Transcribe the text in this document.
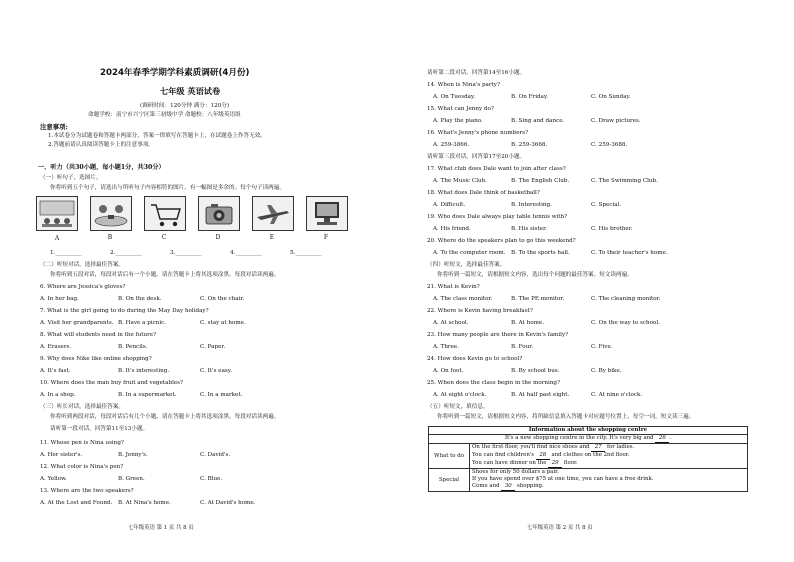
2024年春季学期学科素质调研(4月份)
七年级 英语试卷
(调研时间：120分钟 满分：120分)
命题学校：南宁市兴宁区第三初级中学 命题校：八年级英语组
注意事项:
1.本试卷分为试题卷和答题卡两部分，答案一律填写在答题卡上，在试题卷上作答无效。
2.答题前请认真阅读答题卡上的注意事项。
一、听力（共30小题，每小题1分，共30分）
（一）听句子，选图片。
你将听到五个句子，请选出与所听句子内容相符的图片，有一幅图是多余的。每个句子读两遍。
A	B	C	D	E	F
1._________	2._________	3._________	4._________	5._________
（二）听短对话，选择最佳答案。
你将听到五段对话，每段对话后有一个小题。请在答题卡上将其选项涂黑。每段对话读两遍。
6. Where are Jessica's gloves?
A. In her bag.	B. On the desk.	C. On the chair.
7. What is the girl going to do during the May Day holiday?
A. Visit her grandparents. B. Have a picnic.	C. stay at home.
8. What will students need in the future?
A. Erasers.	B. Pencils.	C. Paper.
9. Why does Nike like online shopping?
A. It's fast.	B. It's interesting.	C. It's easy.
10. Where does the man buy fruit and vegetables?
A. In a shop.	B. In a supermarket.	C. In a market.
（三）听长对话，选择最佳答案。
你将听到两段对话，每段对话后有几个小题，请在答题卡上将其选项涂黑。每段对话读两遍。
请听第一段对话，回答第11至13小题。
11. Whose pen is Nina using?
A. Her sister's.	B. Jenny's.	C. David's.
12. What color is Nina's pen?
A. Yellow.	B. Green.	C. Blue.
13. Where are the two speakers?
A. At the Lost and Found. B. At Nina's home.	C. At David's home.
七年级英语 第 1 页 共 8 页
请听第二段对话，回答第14至16小题。
14. When is Nina's party?
A. On Tuesday.	B. On Friday.	C. On Sunday.
15. What can Jenny do?
A. Play the piano.	B. Sing and dance.	C. Draw pictures.
16. What's Jenny's phone numbers?
A. 259-3866.	B. 259-3668.	C. 259-3688.
请听第三段对话，回答第17至20小题。
17. What club does Dale want to join after class?
A. The Music Club.	B. The English Club.	C. The Swimming Club.
18. What does Dale think of basketball?
A. Difficult.	B. Interesting.	C. Special.
19. Who does Dale always play table tennis with?
A. His friend.	B. His sister.	C. His brother.
20. Where do the speakers plan to go this weekend?
A. To the computer room. B. To the sports hall.	C. To their teacher's home.
（四）听短文，选择最佳答案。
你将听到一篇短文，请根据短文内容，选出每个问题的最佳答案。短文读两遍。
21. What is Kevin?
A. The class monitor.	B. The PE monitor.	C. The cleaning monitor.
22. Where is Kevin having breakfast?
A. At school.	B. At home.	C. On the way to school.
23. How many people are there in Kevin's family?
A. Three.	B. Four.	C. Five.
24. How does Kevin go to school?
A. On foot.	B. By school bus.	C. By bike.
25. When does the class begin in the morning?
A. At eight o'clock.	B. At half past eight.	C. At nine o'clock.
（五）听短文，填信息。
你将听到一篇短文，请根据短文内容，将所缺信息填入答题卡对应题号位置上，每空一词。短文读三遍。
七年级英语 第 2 页 共 8 页
Information about the shopping centre	
It's a new shopping centre in the city. It's very big and 26 .	
What to do	On the first floor, you'll find nice shoes and 27 for ladies.
You can find children's 28 and clothes on the 2nd floor.
You can have dinner on the 29 floor.

Special	Shoes for only 50 dollars a pair.
If you have spend over $75 at one time, you can have a free drink.
Come and 30 shopping.
